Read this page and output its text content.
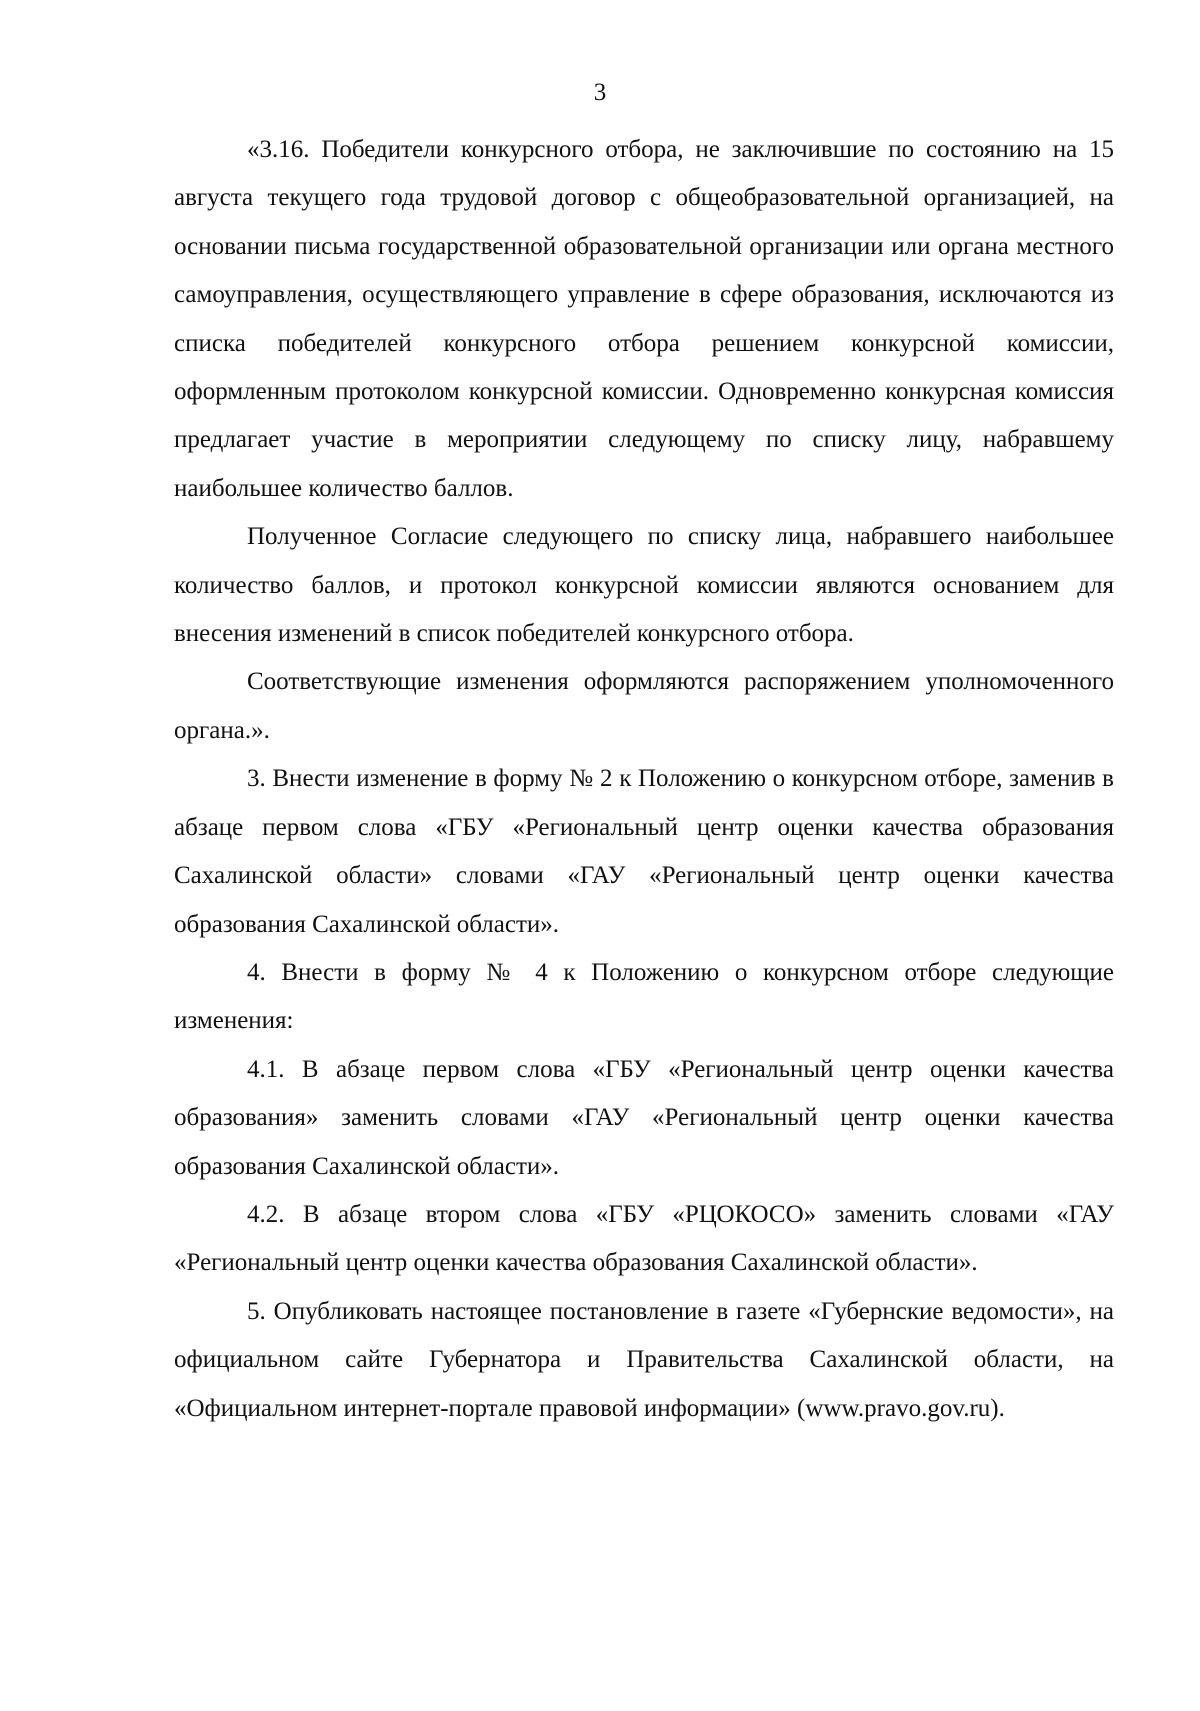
3

«3.16. Победители конкурсного отбора, не заключившие по состоянию на 15 августа текущего года трудовой договор с общеобразовательной организацией, на основании письма государственной образовательной организации или органа местного самоуправления, осуществляющего управление в сфере образования, исключаются из списка победителей конкурсного отбора решением конкурсной комиссии, оформленным протоколом конкурсной комиссии. Одновременно конкурсная комиссия предлагает участие в мероприятии следующему по списку лицу, набравшему наибольшее количество баллов.

Полученное Согласие следующего по списку лица, набравшего наибольшее количество баллов, и протокол конкурсной комиссии являются основанием для внесения изменений в список победителей конкурсного отбора.

Соответствующие изменения оформляются распоряжением уполномоченного органа.».

3. Внести изменение в форму № 2 к Положению о конкурсном отборе, заменив в абзаце первом слова «ГБУ «Региональный центр оценки качества образования Сахалинской области» словами «ГАУ «Региональный центр оценки качества образования Сахалинской области».

4. Внести в форму № 4 к Положению о конкурсном отборе следующие изменения:

4.1. В абзаце первом слова «ГБУ «Региональный центр оценки качества образования» заменить словами «ГАУ «Региональный центр оценки качества образования Сахалинской области».

4.2. В абзаце втором слова «ГБУ «РЦОКОСО» заменить словами «ГАУ «Региональный центр оценки качества образования Сахалинской области».

5. Опубликовать настоящее постановление в газете «Губернские ведомости», на официальном сайте Губернатора и Правительства Сахалинской области, на «Официальном интернет-портале правовой информации» (www.pravo.gov.ru).
